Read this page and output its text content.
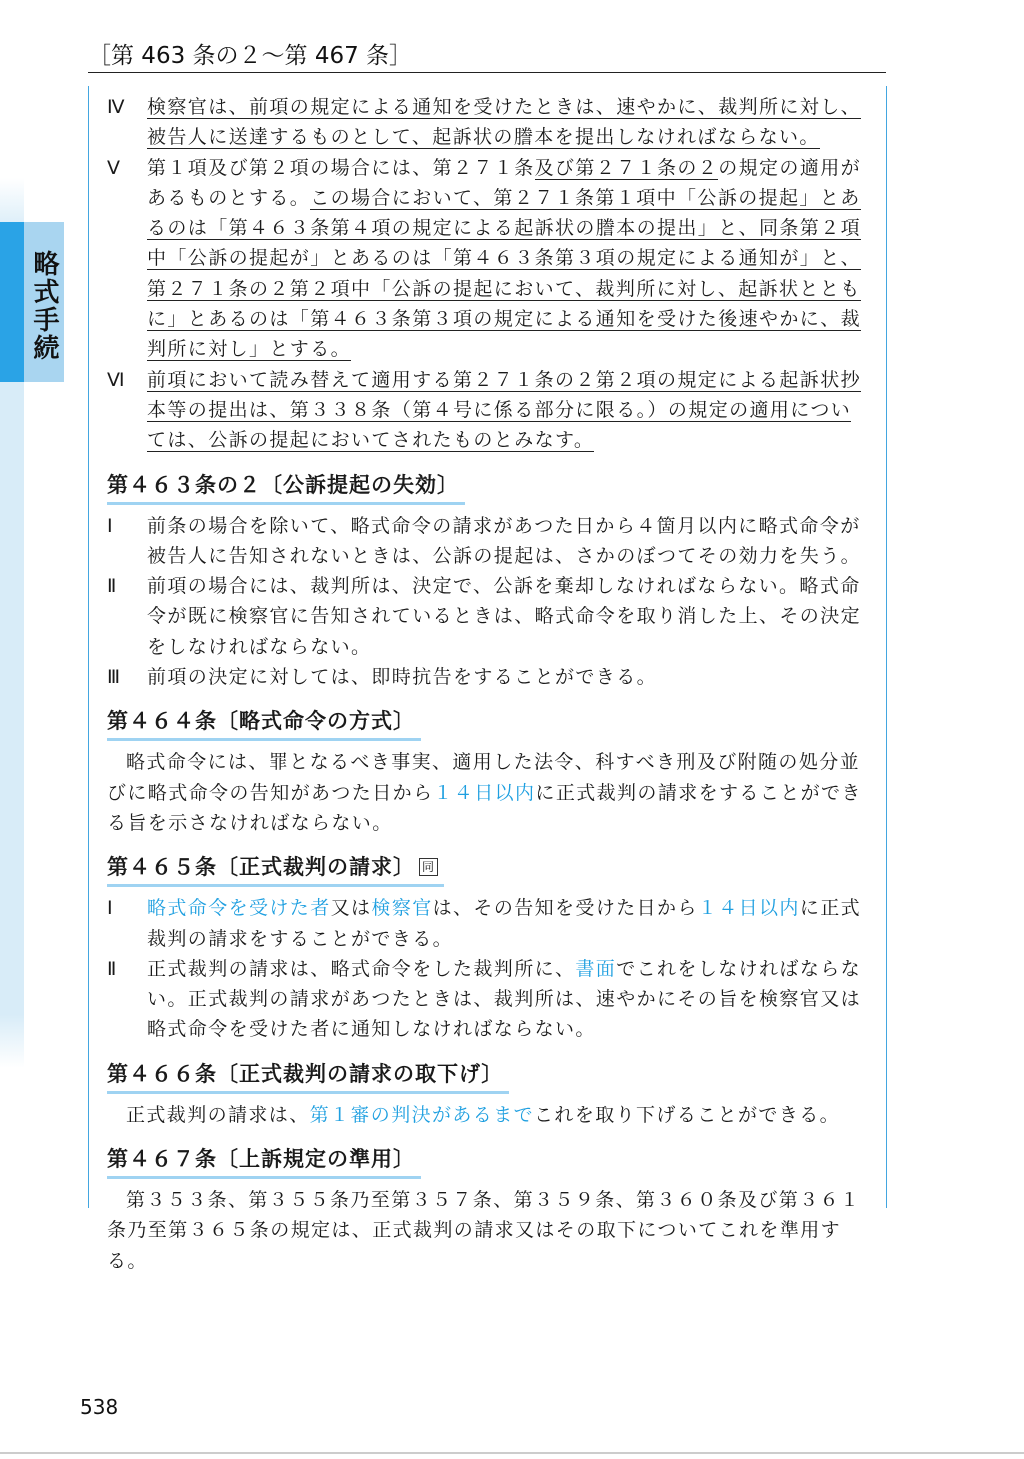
［第 463 条の２～第 467 条］
略式手続
Ⅳ	検察官は、前項の規定による通知を受けたときは、速やかに、裁判所に対し、被告人に送達するものとして、起訴状の謄本を提出しなければならない。
Ⅴ	第１項及び第２項の場合には、第２７１条及び第２７１条の２の規定の適用があるものとする。この場合において、第２７１条第１項中「公訴の提起」とあるのは「第４６３条第４項の規定による起訴状の謄本の提出」と、同条第２項中「公訴の提起が」とあるのは「第４６３条第３項の規定による通知が」と、第２７１条の２第２項中「公訴の提起において、裁判所に対し、起訴状とともに」とあるのは「第４６３条第３項の規定による通知を受けた後速やかに、裁判所に対し」とする。
Ⅵ	前項において読み替えて適用する第２７１条の２第２項の規定による起訴状抄本等の提出は、第３３８条（第４号に係る部分に限る。）の規定の適用については、公訴の提起においてされたものとみなす。
第４６３条の２〔公訴提起の失効〕
Ⅰ	前条の場合を除いて、略式命令の請求があつた日から４箇月以内に略式命令が被告人に告知されないときは、公訴の提起は、さかのぼつてその効力を失う。
Ⅱ	前項の場合には、裁判所は、決定で、公訴を棄却しなければならない。略式命令が既に検察官に告知されているときは、略式命令を取り消した上、その決定をしなければならない。
Ⅲ	前項の決定に対しては、即時抗告をすることができる。
第４６４条〔略式命令の方式〕
略式命令には、罪となるべき事実、適用した法令、科すべき刑及び附随の処分並びに略式命令の告知があつた日から１４日以内に正式裁判の請求をすることができる旨を示さなければならない。
第４６５条〔正式裁判の請求〕 同
Ⅰ	略式命令を受けた者又は検察官は、その告知を受けた日から１４日以内に正式裁判の請求をすることができる。
Ⅱ	正式裁判の請求は、略式命令をした裁判所に、書面でこれをしなければならない。正式裁判の請求があつたときは、裁判所は、速やかにその旨を検察官又は略式命令を受けた者に通知しなければならない。
第４６６条〔正式裁判の請求の取下げ〕
正式裁判の請求は、第１審の判決があるまでこれを取り下げることができる。
第４６７条〔上訴規定の準用〕
第３５３条、第３５５条乃至第３５７条、第３５９条、第３６０条及び第３６１条乃至第３６５条の規定は、正式裁判の請求又はその取下についてこれを準用する。
538
